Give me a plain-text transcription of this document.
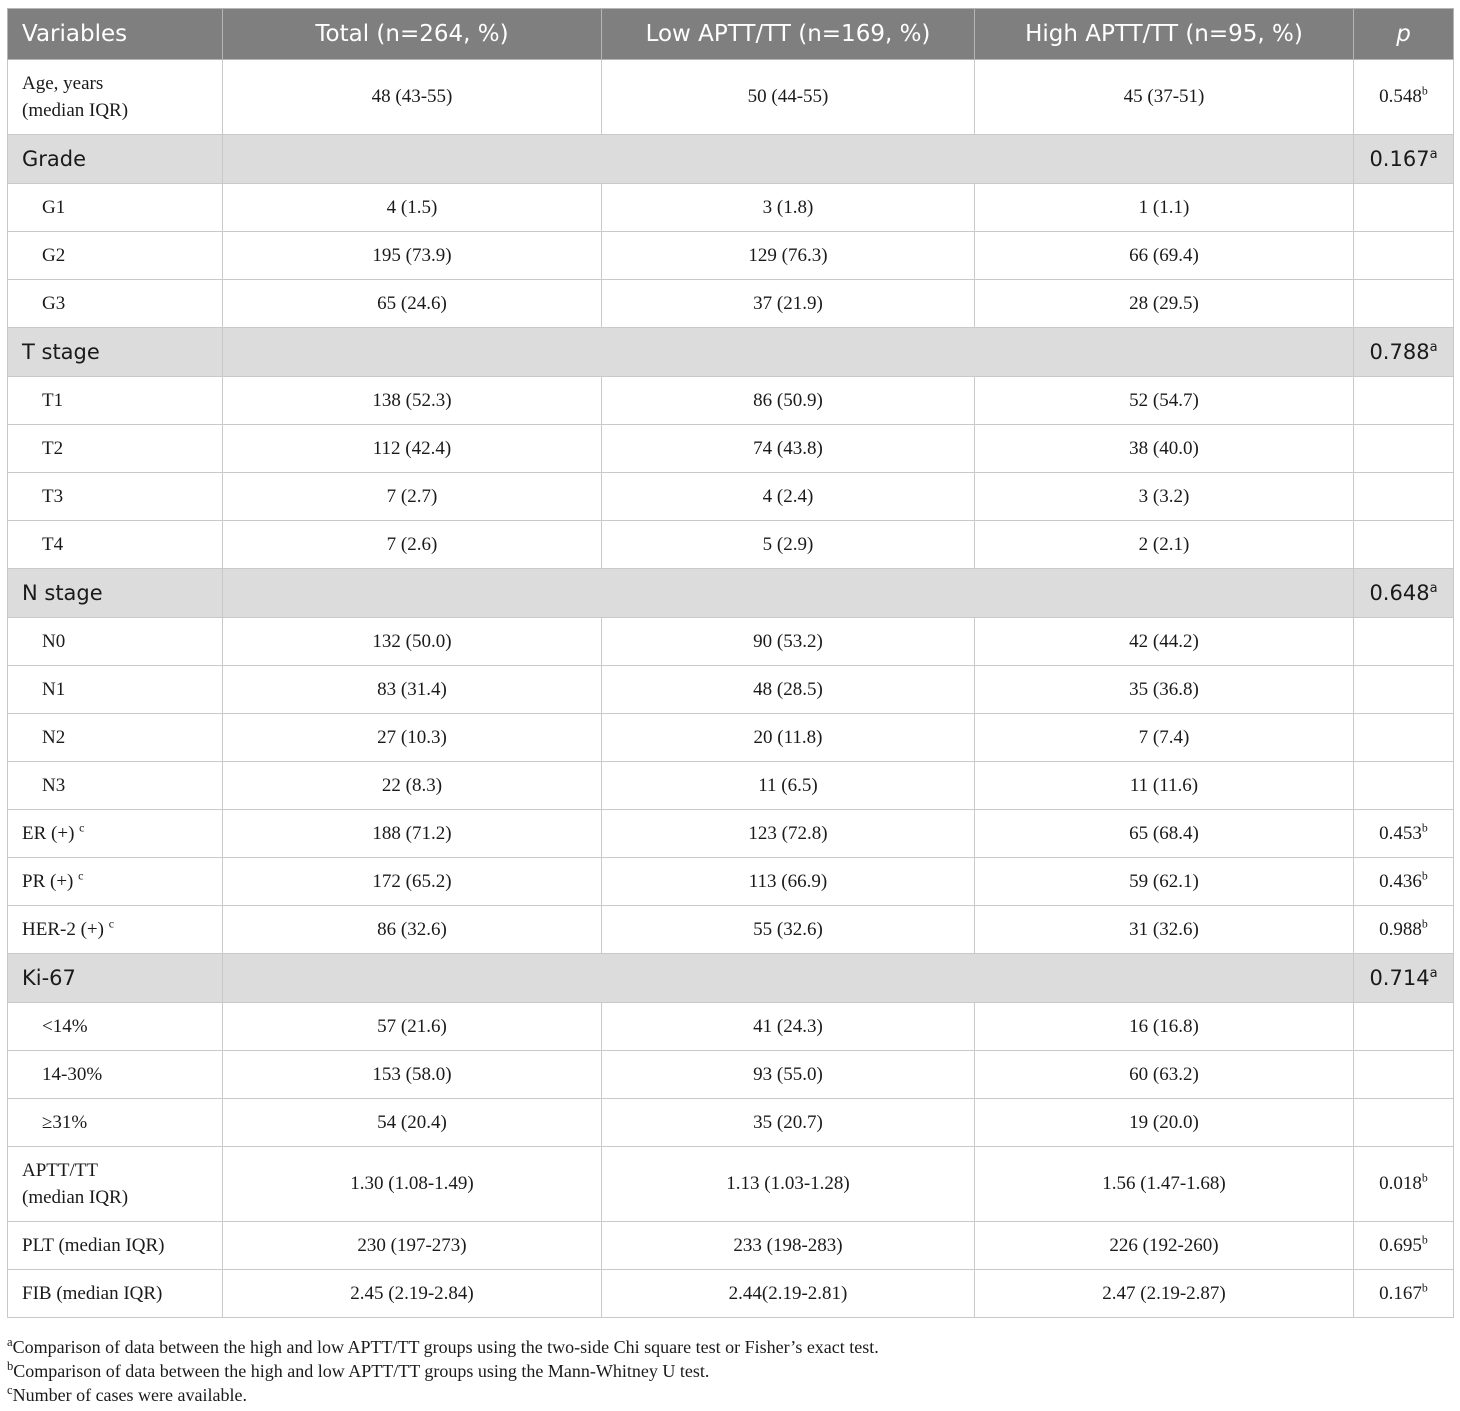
Variables	Total (n=264, %)	Low APTT/TT (n=169, %)	High APTT/TT (n=95, %)	p
Age, years
(median IQR)	48 (43-55)	50 (44-55)	45 (37-51)	0.548$^b$
Grade				0.167$^a$
G1	4 (1.5)	3 (1.8)	1 (1.1)	
G2	195 (73.9)	129 (76.3)	66 (69.4)	
G3	65 (24.6)	37 (21.9)	28 (29.5)	
T stage				0.788$^a$
T1	138 (52.3)	86 (50.9)	52 (54.7)	
T2	112 (42.4)	74 (43.8)	38 (40.0)	
T3	7 (2.7)	4 (2.4)	3 (3.2)	
T4	7 (2.6)	5 (2.9)	2 (2.1)	
N stage				0.648$^a$
N0	132 (50.0)	90 (53.2)	42 (44.2)	
N1	83 (31.4)	48 (28.5)	35 (36.8)	
N2	27 (10.3)	20 (11.8)	7 (7.4)	
N3	22 (8.3)	11 (6.5)	11 (11.6)	
ER (+) $^c$	188 (71.2)	123 (72.8)	65 (68.4)	0.453$^b$
PR (+) $^c$	172 (65.2)	113 (66.9)	59 (62.1)	0.436$^b$
HER-2 (+) $^c$	86 (32.6)	55 (32.6)	31 (32.6)	0.988$^b$
Ki-67				0.714$^a$
<14%	57 (21.6)	41 (24.3)	16 (16.8)	
14-30%	153 (58.0)	93 (55.0)	60 (63.2)	
≥31%	54 (20.4)	35 (20.7)	19 (20.0)	
APTT/TT
(median IQR)	1.30 (1.08-1.49)	1.13 (1.03-1.28)	1.56 (1.47-1.68)	0.018$^b$
PLT (median IQR)	230 (197-273)	233 (198-283)	226 (192-260)	0.695$^b$
FIB (median IQR)	2.45 (2.19-2.84)	2.44(2.19-2.81)	2.47 (2.19-2.87)	0.167$^b$
$^a$Comparison of data between the high and low APTT/TT groups using the two-side Chi square test or Fisher’s exact test.
$^b$Comparison of data between the high and low APTT/TT groups using the Mann-Whitney U test.
$^c$Number of cases were available.
